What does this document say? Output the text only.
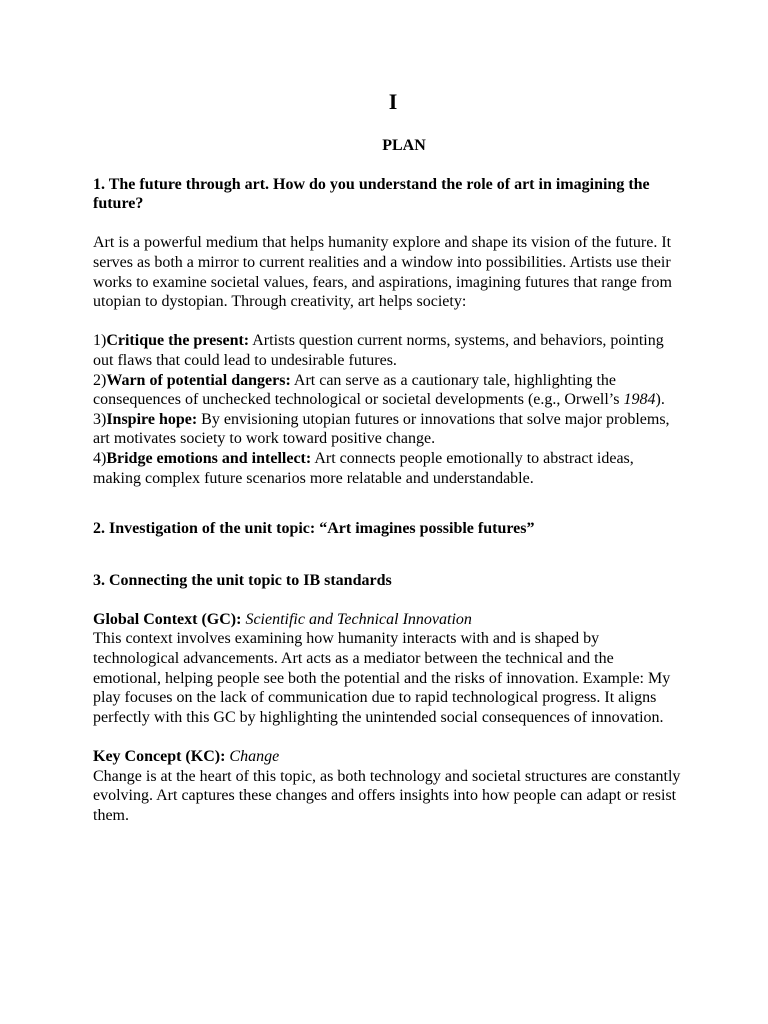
I
PLAN
1. The future through art. How do you understand the role of art in imagining the future?

Art is a powerful medium that helps humanity explore and shape its vision of the future. It serves as both a mirror to current realities and a window into possibilities. Artists use their works to examine societal values, fears, and aspirations, imagining futures that range from utopian to dystopian. Through creativity, art helps society:

1)Critique the present: Artists question current norms, systems, and behaviors, pointing out flaws that could lead to undesirable futures.

2)Warn of potential dangers: Art can serve as a cautionary tale, highlighting the consequences of unchecked technological or societal developments (e.g., Orwell’s 1984).

3)Inspire hope: By envisioning utopian futures or innovations that solve major problems, art motivates society to work toward positive change.

4)Bridge emotions and intellect: Art connects people emotionally to abstract ideas, making complex future scenarios more relatable and understandable.

2. Investigation of the unit topic: “Art imagines possible futures”
3. Connecting the unit topic to IB standards

Global Context (GC): Scientific and Technical Innovation

This context involves examining how humanity interacts with and is shaped by technological advancements. Art acts as a mediator between the technical and the emotional, helping people see both the potential and the risks of innovation. Example: My play focuses on the lack of communication due to rapid technological progress. It aligns perfectly with this GC by highlighting the unintended social consequences of innovation.

Key Concept (KC): Change

Change is at the heart of this topic, as both technology and societal structures are constantly evolving. Art captures these changes and offers insights into how people can adapt or resist them.
